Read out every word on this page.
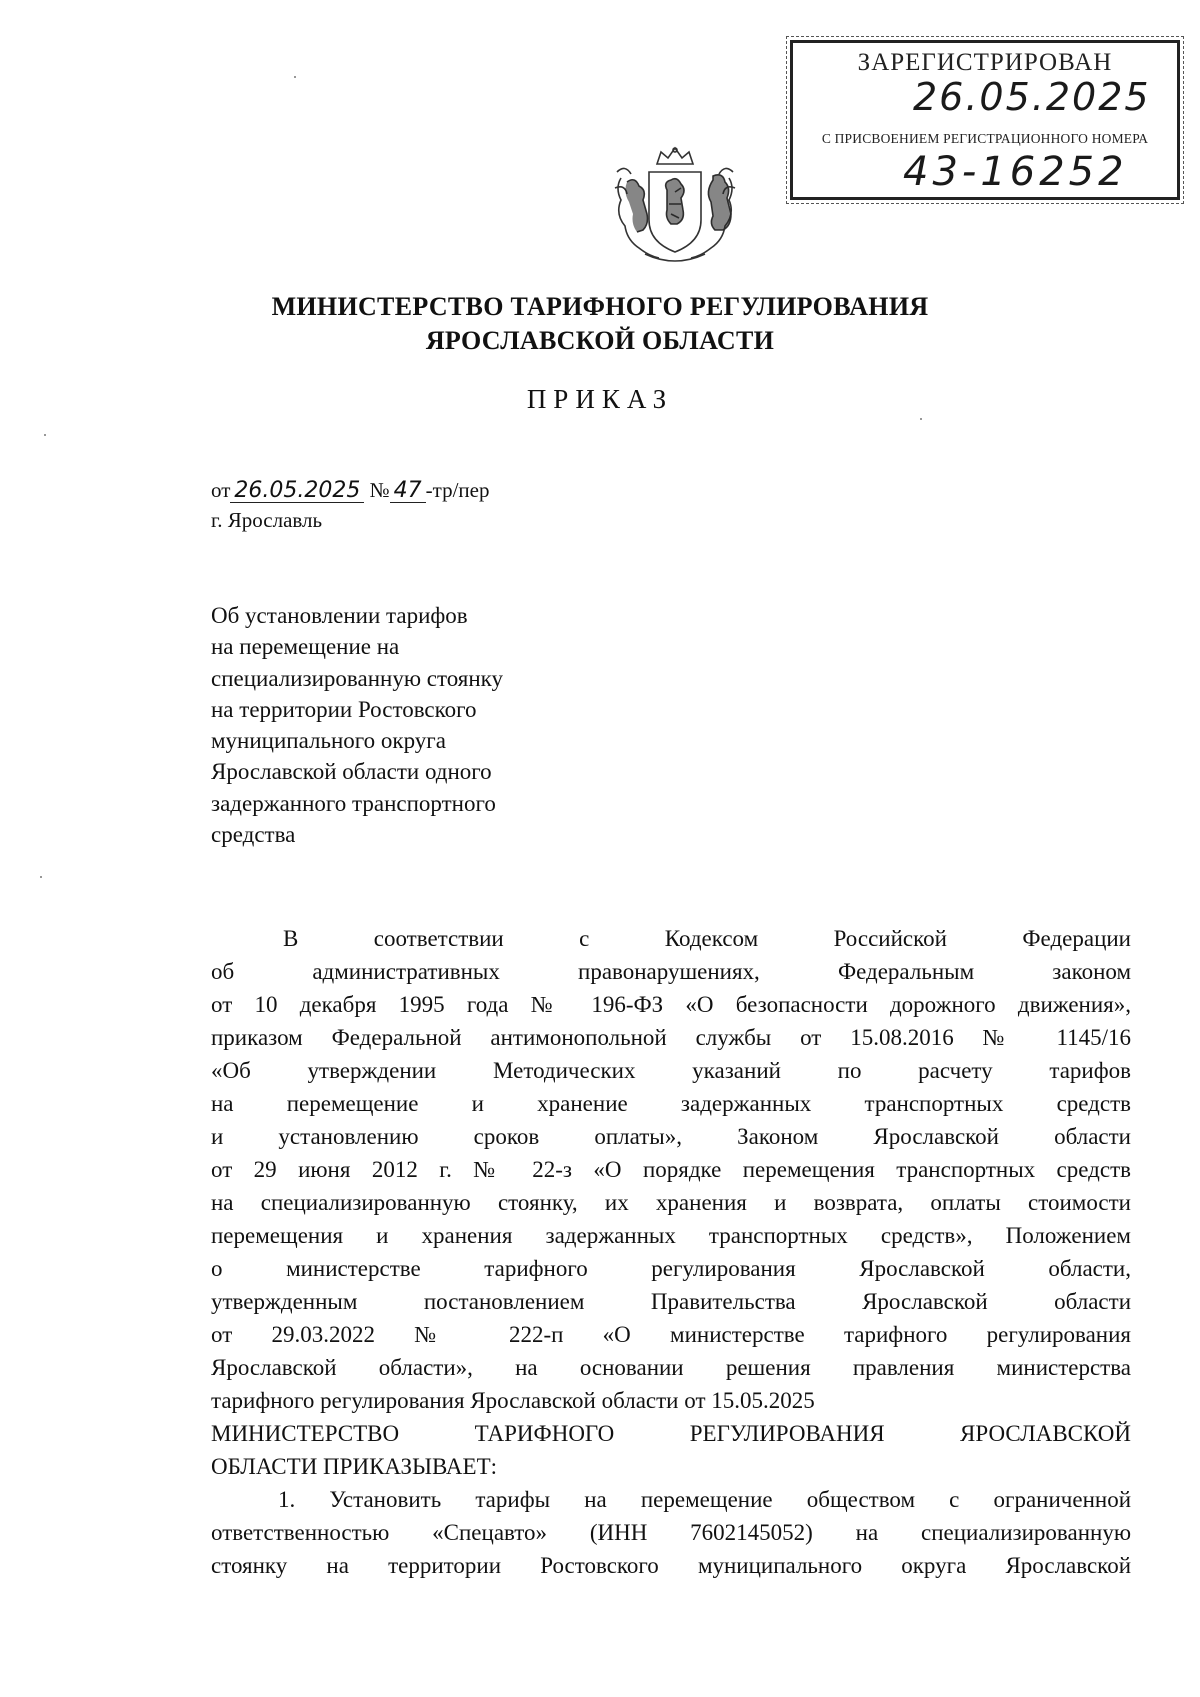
ЗАРЕГИСТРИРОВАН
26.05.2025
С ПРИСВОЕНИЕМ РЕГИСТРАЦИОННОГО НОМЕРА
43-16252
МИНИСТЕРСТВО ТАРИФНОГО РЕГУЛИРОВАНИЯ
ЯРОСЛАВСКОЙ ОБЛАСТИ
ПРИКАЗ
от 26.05.2025 № 47 -тр/пер
г. Ярославль
Об установлении тарифов
на перемещение на
специализированную стоянку
на территории Ростовского
муниципального округа
Ярославской области одного
задержанного транспортного
средства
В соответствии с Кодексом Российской Федерации
об административных правонарушениях, Федеральным законом
от 10 декабря 1995 года № 196-ФЗ «О безопасности дорожного движения»,
приказом Федеральной антимонопольной службы от 15.08.2016 № 1145/16
«Об утверждении Методических указаний по расчету тарифов
на перемещение и хранение задержанных транспортных средств
и установлению сроков оплаты», Законом Ярославской области
от 29 июня 2012 г. № 22-з «О порядке перемещения транспортных средств
на специализированную стоянку, их хранения и возврата, оплаты стоимости
перемещения и хранения задержанных транспортных средств», Положением
о министерстве тарифного регулирования Ярославской области,
утвержденным постановлением Правительства Ярославской области
от 29.03.2022 № 222-п «О министерстве тарифного регулирования
Ярославской области», на основании решения правления министерства
тарифного регулирования Ярославской области от 15.05.2025
МИНИСТЕРСТВО ТАРИФНОГО РЕГУЛИРОВАНИЯ ЯРОСЛАВСКОЙ
ОБЛАСТИ ПРИКАЗЫВАЕТ:
1. Установить тарифы на перемещение обществом с ограниченной
ответственностью «Спецавто» (ИНН 7602145052) на специализированную
стоянку на территории Ростовского муниципального округа Ярославской
